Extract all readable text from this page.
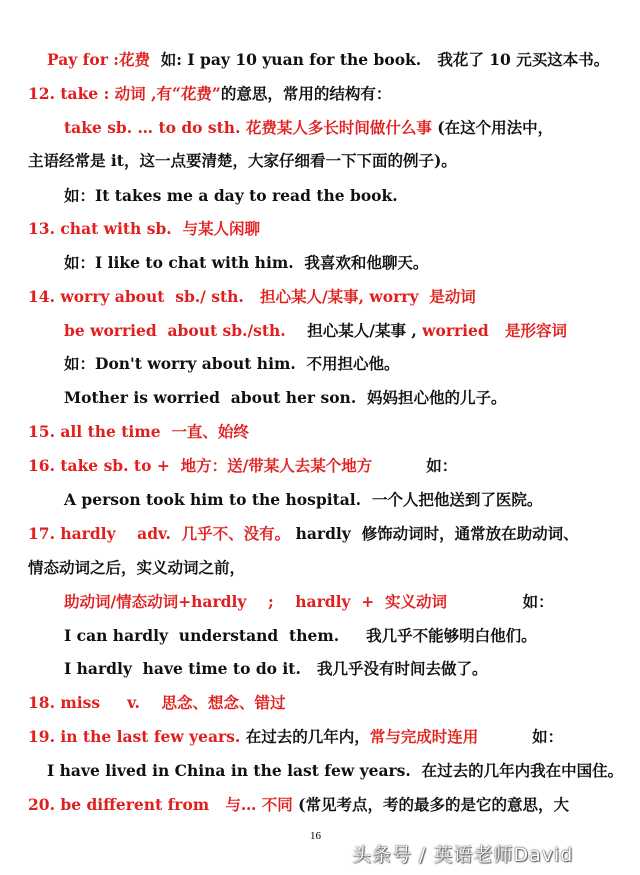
Pay for :花费  如: I pay 10 yuan for the book.   我花了 10 元买这本书。
12. take : 动词 ,有“花费”的意思，常用的结构有：
take sb. … to do sth. 花费某人多长时间做什么事 (在这个用法中，
主语经常是 it，这一点要清楚，大家仔细看一下下面的例子)。
如：It takes me a day to read the book.
13. chat with sb.  与某人闲聊
如：I like to chat with him.  我喜欢和他聊天。
14. worry about  sb./ sth.   担心某人/某事, worry  是动词
be worried  about sb./sth.    担心某人/某事 , worried   是形容词
如：Don't worry about him.  不用担心他。
Mother is worried  about her son.  妈妈担心他的儿子。
15. all the time  一直、始终
16. take sb. to +  地方：送/带某人去某个地方          如：
A person took him to the hospital.  一个人把他送到了医院。
17. hardly    adv.  几乎不、没有。 hardly  修饰动词时，通常放在助动词、
情态动词之后，实义动词之前，
助动词/情态动词+hardly    ;    hardly  +  实义动词              如：
I can hardly  understand  them.     我几乎不能够明白他们。
I hardly  have time to do it.   我几乎没有时间去做了。
18. miss     v.    思念、想念、错过
19. in the last few years. 在过去的几年内，常与完成时连用          如：
I have lived in China in the last few years.  在过去的几年内我在中国住。
20. be different from   与… 不同 (常见考点，考的最多的是它的意思，大
16
头条号 / 英语老师David
